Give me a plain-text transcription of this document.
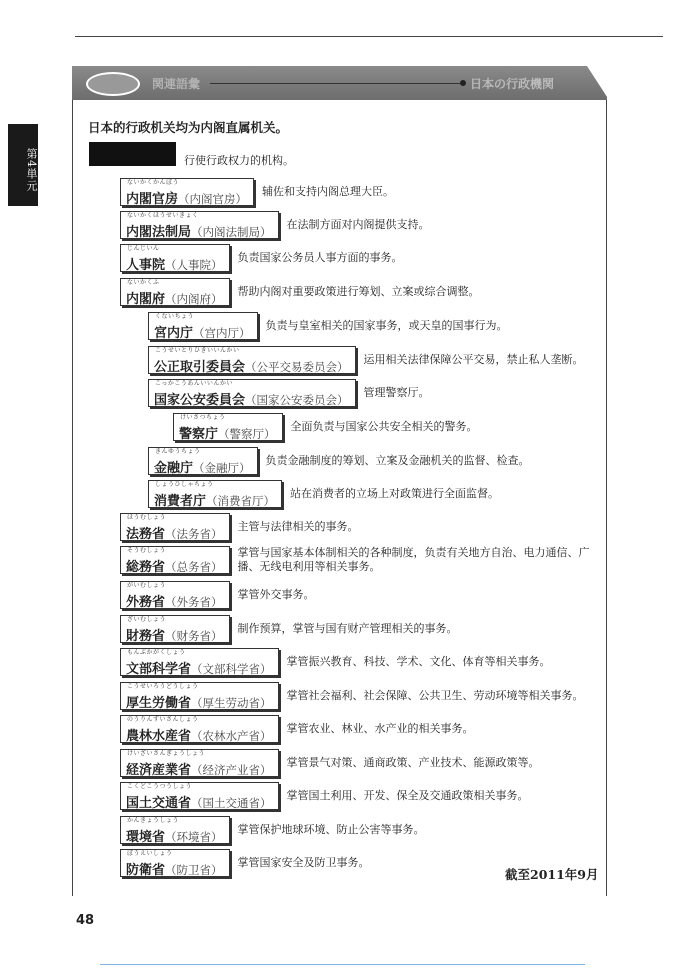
第4単元
関連語彙	日本の行政機関
日本的行政机关均为内阁直属机关。
行使行政权力的机构。
ないかくかんぼう
内閣官房 （内阁官房）
辅佐和支持内阁总理大臣。
ないかくほうせいきょく
内閣法制局 （内阁法制局）
在法制方面对内阁提供支持。
じんじいん
人事院 （人事院）
负责国家公务员人事方面的事务。
ないかくふ
内閣府 （内阁府）
帮助内阁对重要政策进行筹划、立案或综合调整。
くないちょう
宮内庁 （宫内厅）
负责与皇室相关的国家事务，或天皇的国事行为。
こうせいとりひきいいんかい
公正取引委員会 （公平交易委员会）
运用相关法律保障公平交易，禁止私人垄断。
こっかこうあんいいんかい
国家公安委員会 （国家公安委员会）
管理警察厅。
けいさつちょう
警察庁 （警察厅）
全面负责与国家公共安全相关的警务。
きんゆうちょう
金融庁 （金融厅）
负责金融制度的筹划、立案及金融机关的监督、检查。
しょうひしゃちょう
消費者庁 （消费省厅）
站在消费者的立场上对政策进行全面监督。
ほうむしょう
法務省 （法务省）
主管与法律相关的事务。
そうむしょう
総務省 （总务省）
掌管与国家基本体制相关的各种制度，负责有关地方自治、电力通信、广播、无线电利用等相关事务。
がいむしょう
外務省 （外务省）
掌管外交事务。
ざいむしょう
財務省 （财务省）
制作预算，掌管与国有财产管理相关的事务。
もんぶかがくしょう
文部科学省 （文部科学省）
掌管振兴教育、科技、学术、文化、体育等相关事务。
こうせいろうどうしょう
厚生労働省 （厚生劳动省）
掌管社会福利、社会保障、公共卫生、劳动环境等相关事务。
のうりんすいさんしょう
農林水産省 （农林水产省）
掌管农业、林业、水产业的相关事务。
けいざいさんぎょうしょう
経済産業省 （经济产业省）
掌管景气对策、通商政策、产业技术、能源政策等。
こくどこうつうしょう
国土交通省 （国土交通省）
掌管国土利用、开发、保全及交通政策相关事务。
かんきょうしょう
環境省 （环境省）
掌管保护地球环境、防止公害等事务。
ぼうえいしょう
防衛省 （防卫省）
掌管国家安全及防卫事务。
截至2011年9月
48
